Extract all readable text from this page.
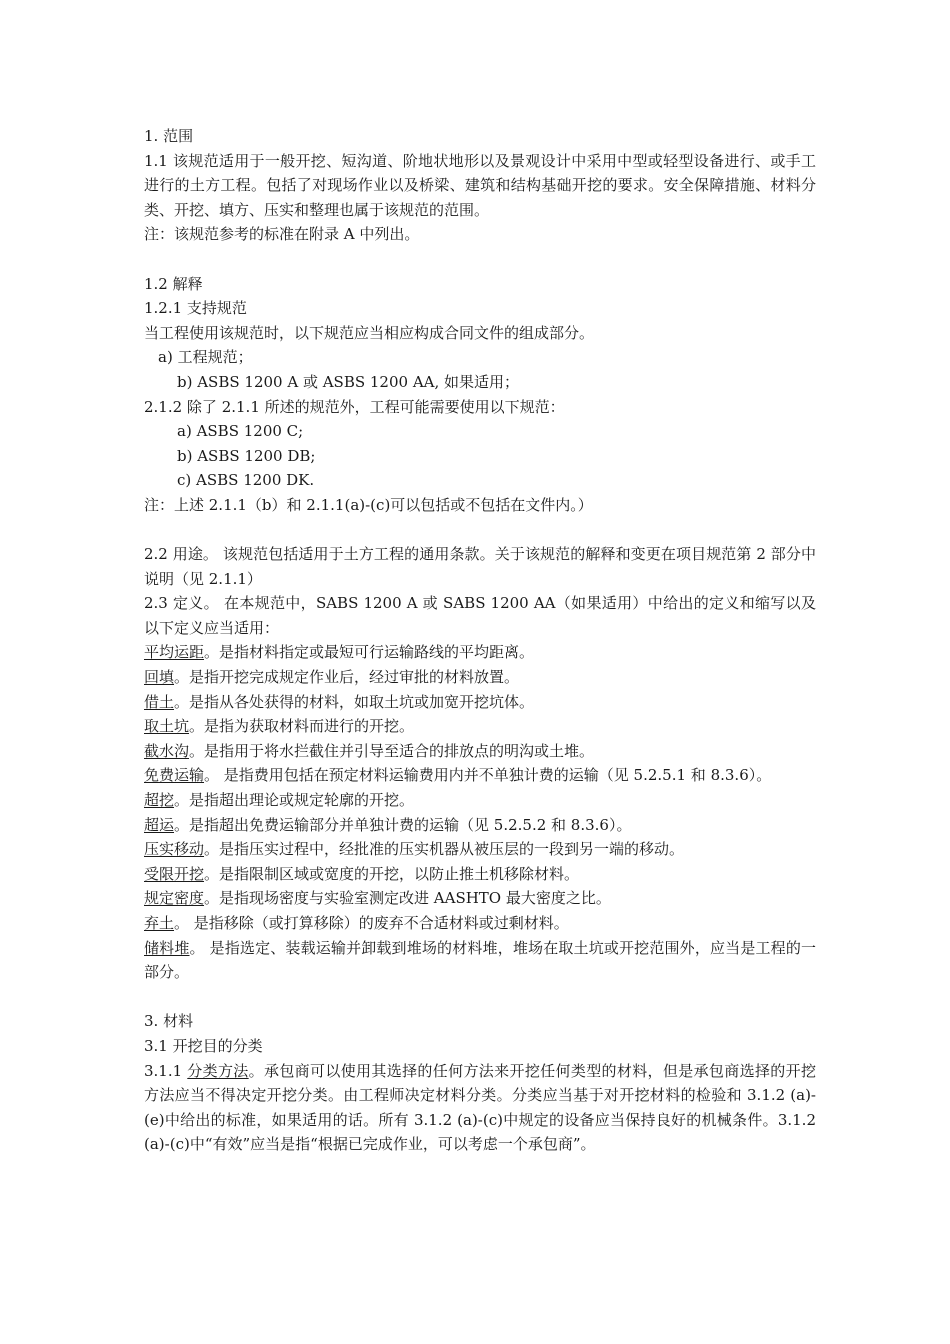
1. 范围
1.1 该规范适用于一般开挖、短沟道、阶地状地形以及景观设计中采用中型或轻型设备进行、或手工进行的土方工程。包括了对现场作业以及桥梁、建筑和结构基础开挖的要求。安全保障措施、材料分类、开挖、填方、压实和整理也属于该规范的范围。
注：该规范参考的标准在附录 A 中列出。
1.2 解释
1.2.1 支持规范
当工程使用该规范时，以下规范应当相应构成合同文件的组成部分。
a) 工程规范；
b) ASBS 1200 A 或 ASBS 1200 AA, 如果适用；
2.1.2 除了 2.1.1 所述的规范外，工程可能需要使用以下规范：
a) ASBS 1200 C;
b) ASBS 1200 DB;
c) ASBS 1200 DK.
注：上述 2.1.1（b）和 2.1.1(a)-(c)可以包括或不包括在文件内。）
2.2 用途。 该规范包括适用于土方工程的通用条款。关于该规范的解释和变更在项目规范第 2 部分中说明（见 2.1.1）
2.3 定义。 在本规范中，SABS 1200 A 或 SABS 1200 AA（如果适用）中给出的定义和缩写以及以下定义应当适用：
平均运距。是指材料指定或最短可行运输路线的平均距离。
回填。是指开挖完成规定作业后，经过审批的材料放置。
借土。是指从各处获得的材料，如取土坑或加宽开挖坑体。
取土坑。是指为获取材料而进行的开挖。
截水沟。是指用于将水拦截住并引导至适合的排放点的明沟或土堆。
免费运输。 是指费用包括在预定材料运输费用内并不单独计费的运输（见 5.2.5.1 和 8.3.6）。
超挖。是指超出理论或规定轮廓的开挖。
超运。是指超出免费运输部分并单独计费的运输（见 5.2.5.2 和 8.3.6）。
压实移动。是指压实过程中，经批准的压实机器从被压层的一段到另一端的移动。
受限开挖。是指限制区域或宽度的开挖，以防止推土机移除材料。
规定密度。是指现场密度与实验室测定改进 AASHTO 最大密度之比。
弃土。 是指移除（或打算移除）的废弃不合适材料或过剩材料。
储料堆。 是指选定、装载运输并卸载到堆场的材料堆，堆场在取土坑或开挖范围外，应当是工程的一部分。
3. 材料
3.1 开挖目的分类
3.1.1 分类方法。承包商可以使用其选择的任何方法来开挖任何类型的材料，但是承包商选择的开挖方法应当不得决定开挖分类。由工程师决定材料分类。分类应当基于对开挖材料的检验和 3.1.2 (a)-(e)中给出的标准，如果适用的话。所有 3.1.2 (a)-(c)中规定的设备应当保持良好的机械条件。3.1.2 (a)-(c)中“有效”应当是指“根据已完成作业，可以考虑一个承包商”。
